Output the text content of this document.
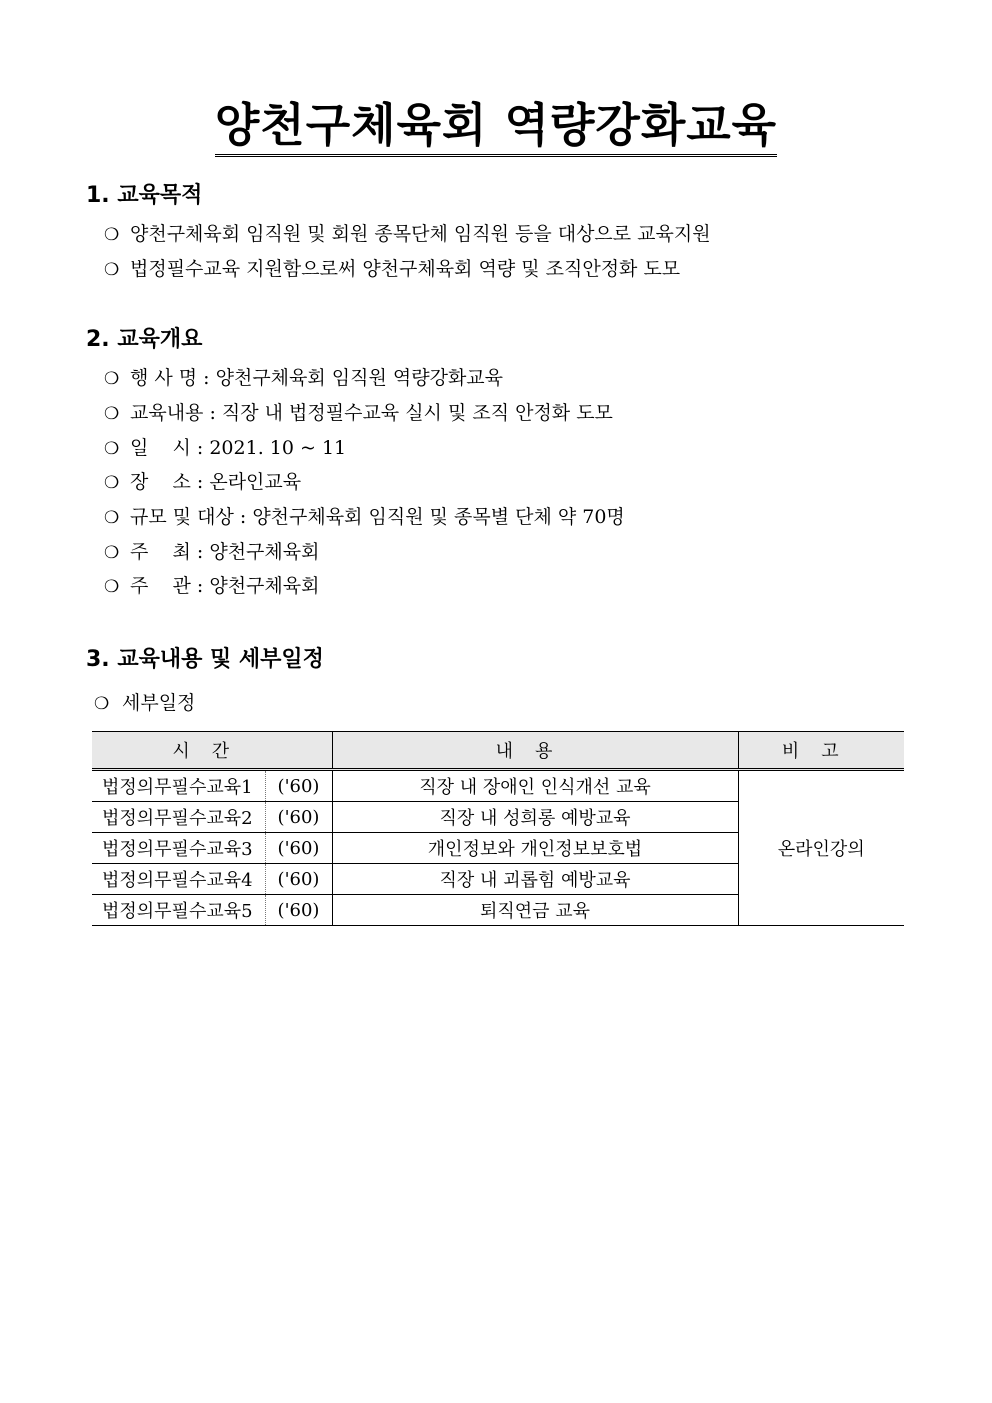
양천구체육회 역량강화교육
1. 교육목적
❍ 양천구체육회 임직원 및 회원 종목단체 임직원 등을 대상으로 교육지원
❍ 법정필수교육 지원함으로써 양천구체육회 역량 및 조직안정화 도모
2. 교육개요
❍ 행 사 명 : 양천구체육회 임직원 역량강화교육
❍ 교육내용 : 직장 내 법정필수교육 실시 및 조직 안정화 도모
❍ 일    시 : 2021. 10 ~ 11
❍ 장    소 : 온라인교육
❍ 규모 및 대상 : 양천구체육회 임직원 및 종목별 단체 약 70명
❍ 주    최 : 양천구체육회
❍ 주    관 : 양천구체육회
3. 교육내용 및 세부일정
❍ 세부일정
시간		내용	비고
법정의무필수교육1	('60)	직장 내 장애인 인식개선 교육	온라인강의
법정의무필수교육2	('60)	직장 내 성희롱 예방교육	
법정의무필수교육3	('60)	개인정보와 개인정보보호법	
법정의무필수교육4	('60)	직장 내 괴롭힘 예방교육	
법정의무필수교육5	('60)	퇴직연금 교육	
